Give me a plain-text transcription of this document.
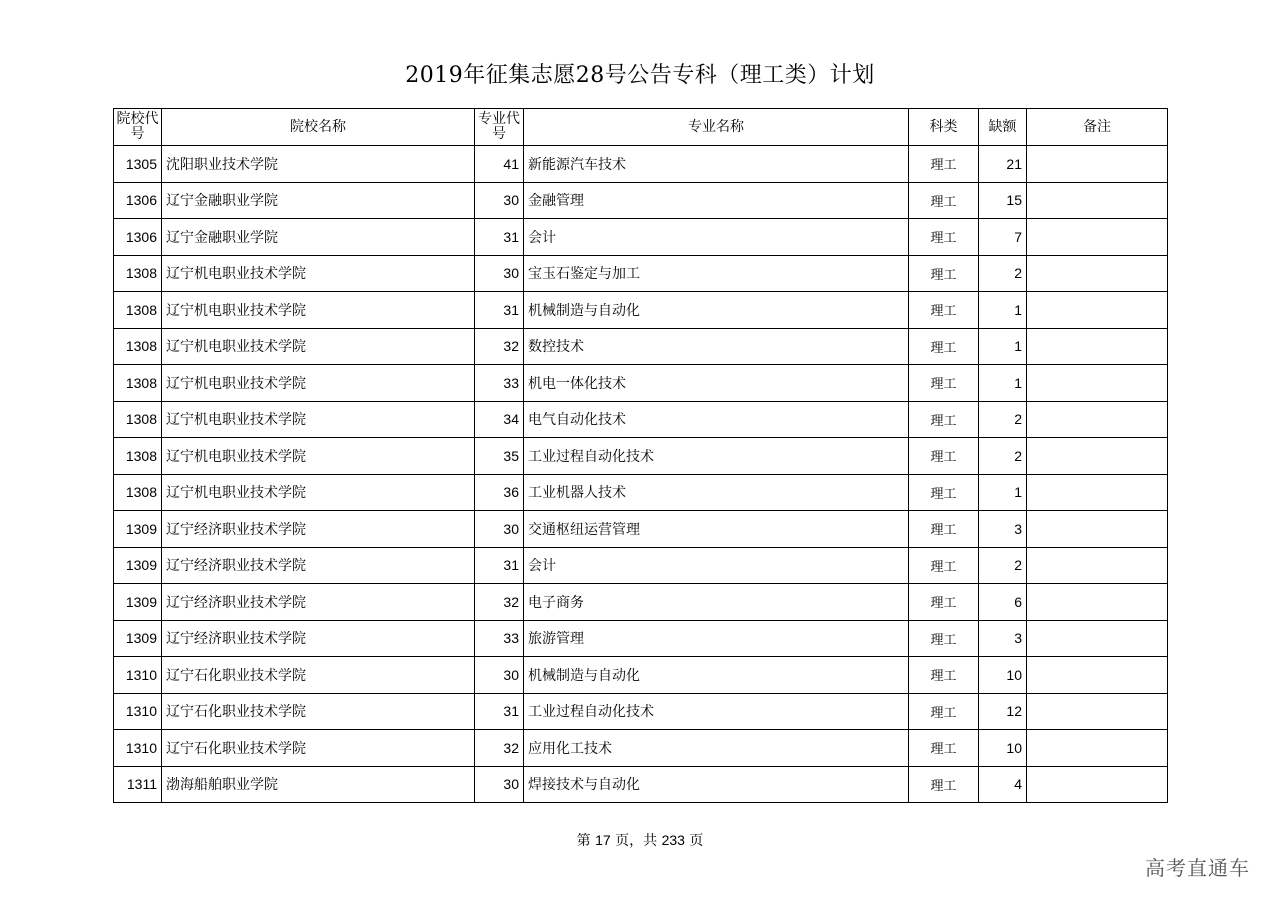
2019年征集志愿28号公告专科（理工类）计划
院校代号	院校名称	专业代号	专业名称	科类	缺额	备注
1305	沈阳职业技术学院	41	新能源汽车技术	理工	21	
1306	辽宁金融职业学院	30	金融管理	理工	15	
1306	辽宁金融职业学院	31	会计	理工	7	
1308	辽宁机电职业技术学院	30	宝玉石鉴定与加工	理工	2	
1308	辽宁机电职业技术学院	31	机械制造与自动化	理工	1	
1308	辽宁机电职业技术学院	32	数控技术	理工	1	
1308	辽宁机电职业技术学院	33	机电一体化技术	理工	1	
1308	辽宁机电职业技术学院	34	电气自动化技术	理工	2	
1308	辽宁机电职业技术学院	35	工业过程自动化技术	理工	2	
1308	辽宁机电职业技术学院	36	工业机器人技术	理工	1	
1309	辽宁经济职业技术学院	30	交通枢纽运营管理	理工	3	
1309	辽宁经济职业技术学院	31	会计	理工	2	
1309	辽宁经济职业技术学院	32	电子商务	理工	6	
1309	辽宁经济职业技术学院	33	旅游管理	理工	3	
1310	辽宁石化职业技术学院	30	机械制造与自动化	理工	10	
1310	辽宁石化职业技术学院	31	工业过程自动化技术	理工	12	
1310	辽宁石化职业技术学院	32	应用化工技术	理工	10	
1311	渤海船舶职业学院	30	焊接技术与自动化	理工	4	
第 17 页，共 233 页
高考直通车
